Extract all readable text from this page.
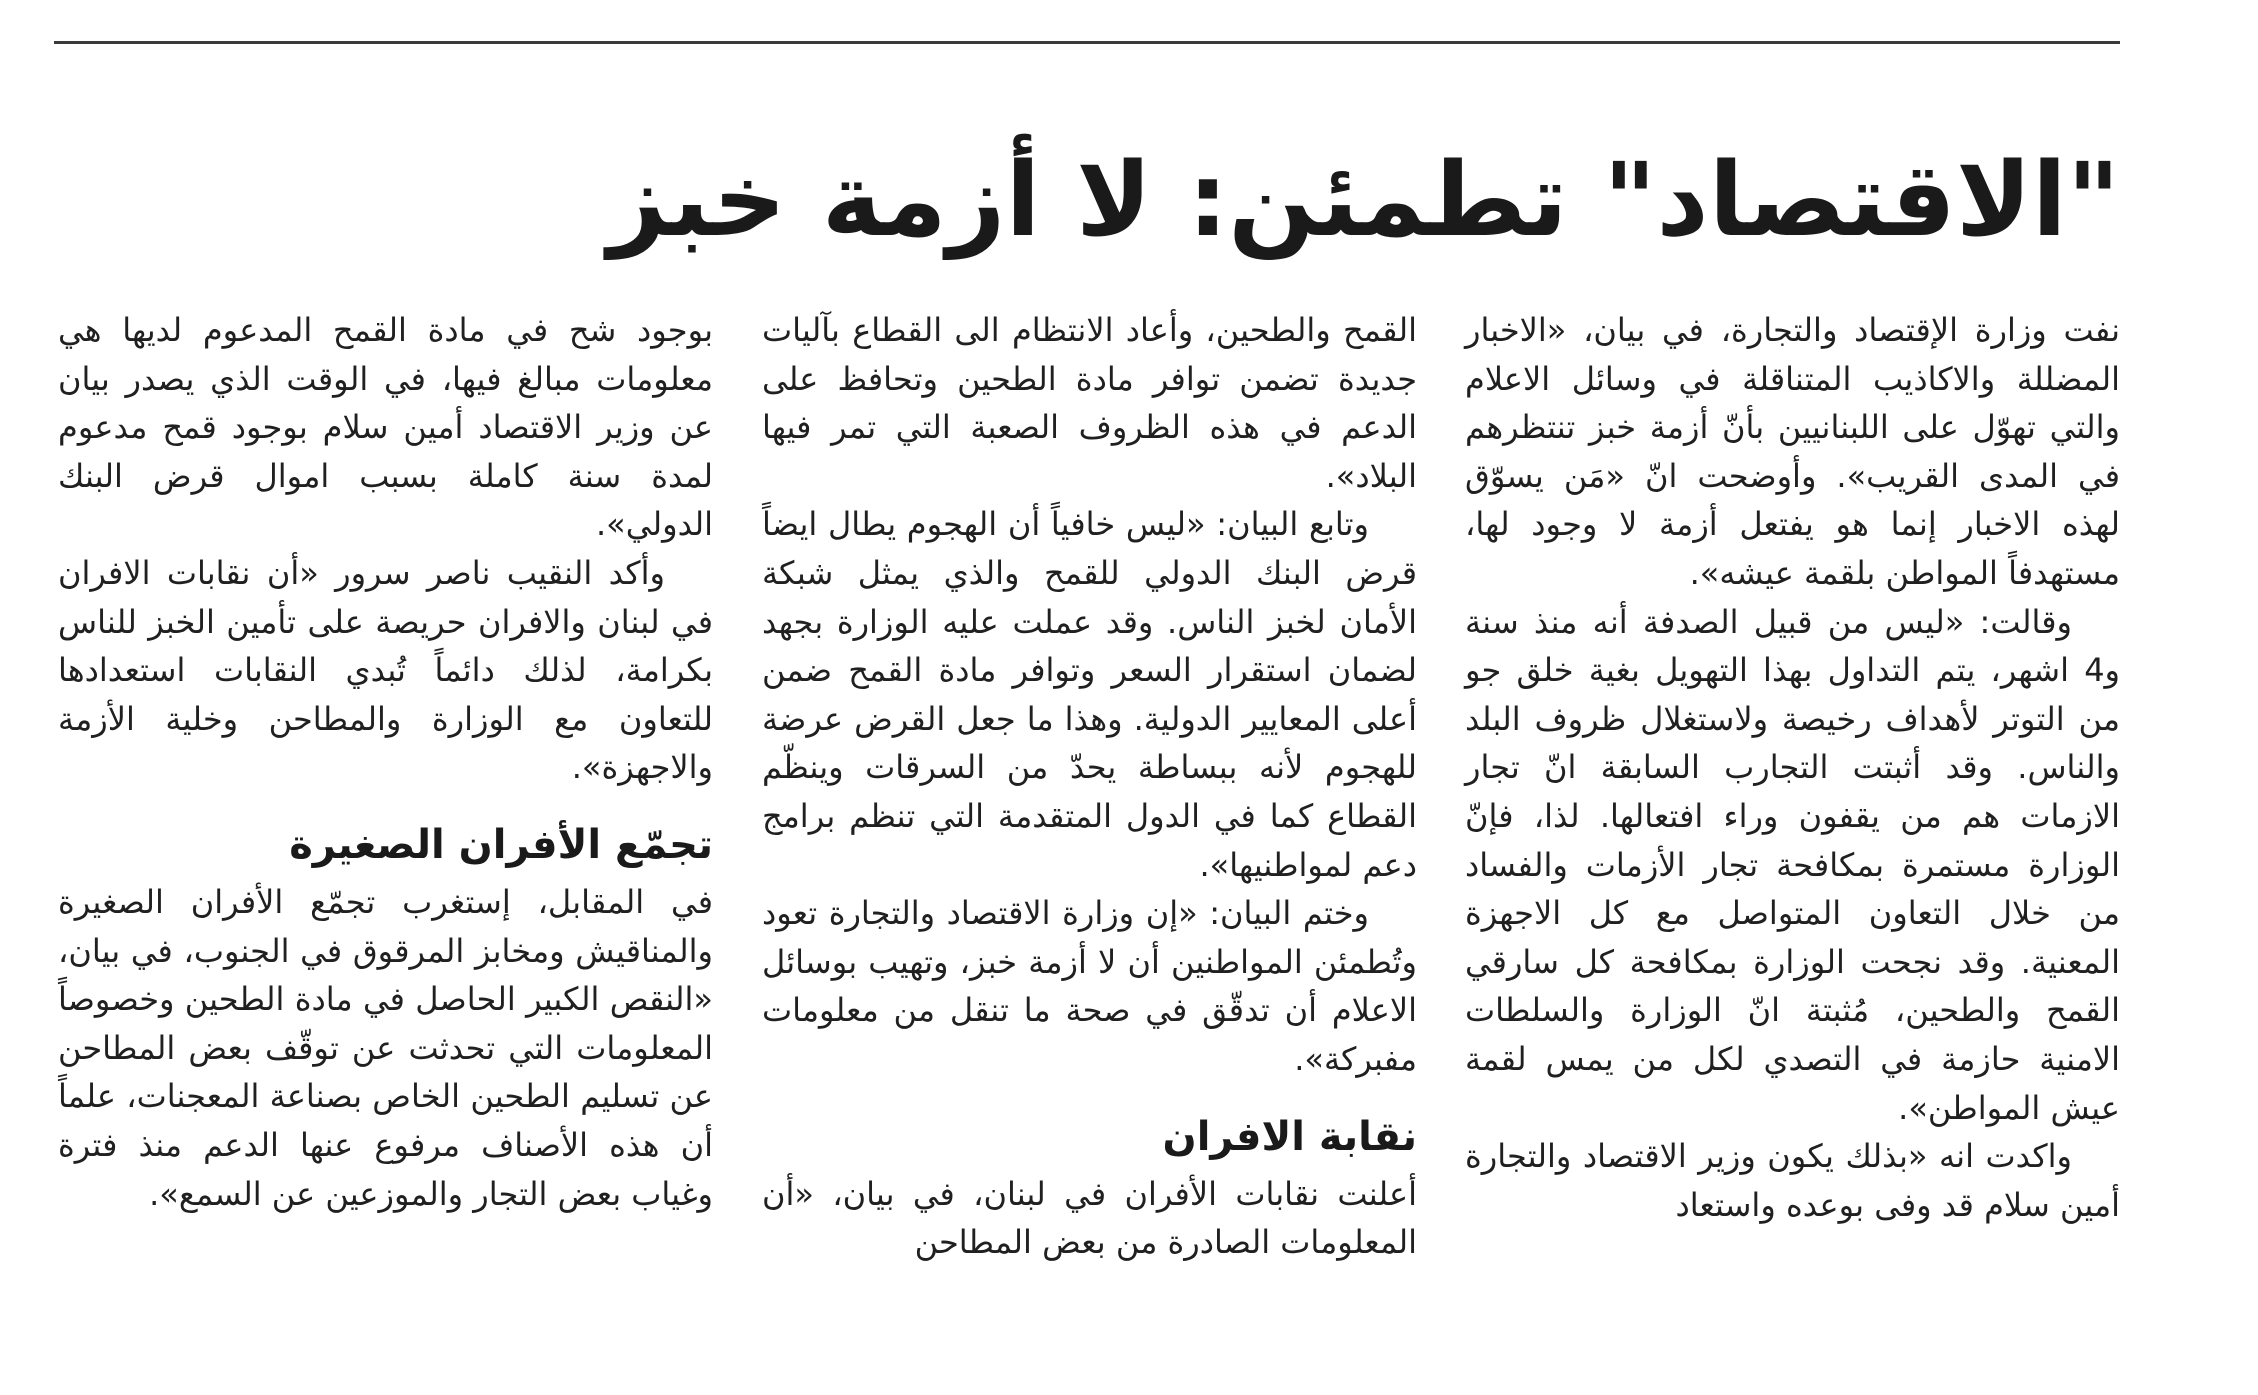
"الاقتصاد" تطمئن: لا أزمة خبز

نفت وزارة الإقتصاد والتجارة، في بيان، «الاخبار المضللة والاكاذيب المتناقلة في وسائل الاعلام والتي تهوّل على اللبنانيين بأنّ أزمة خبز تنتظرهم في المدى القريب». وأوضحت انّ «مَن يسوّق لهذه الاخبار إنما هو يفتعل أزمة لا وجود لها، مستهدفاً المواطن بلقمة عيشه».

وقالت: «ليس من قبيل الصدفة أنه منذ سنة و4 اشهر، يتم التداول بهذا التهويل بغية خلق جو من التوتر لأهداف رخيصة ولاستغلال ظروف البلد والناس. وقد أثبتت التجارب السابقة انّ تجار الازمات هم من يقفون وراء افتعالها. لذا، فإنّ الوزارة مستمرة بمكافحة تجار الأزمات والفساد من خلال التعاون المتواصل مع كل الاجهزة المعنية. وقد نجحت الوزارة بمكافحة كل سارقي القمح والطحين، مُثبتة انّ الوزارة والسلطات الامنية حازمة في التصدي لكل من يمس لقمة عيش المواطن».

واكدت انه «بذلك يكون وزير الاقتصاد والتجارة أمين سلام قد وفى بوعده واستعاد

القمح والطحين، وأعاد الانتظام الى القطاع بآليات جديدة تضمن توافر مادة الطحين وتحافظ على الدعم في هذه الظروف الصعبة التي تمر فيها البلاد».

وتابع البيان: «ليس خافياً أن الهجوم يطال ايضاً قرض البنك الدولي للقمح والذي يمثل شبكة الأمان لخبز الناس. وقد عملت عليه الوزارة بجهد لضمان استقرار السعر وتوافر مادة القمح ضمن أعلى المعايير الدولية. وهذا ما جعل القرض عرضة للهجوم لأنه ببساطة يحدّ من السرقات وينظّم القطاع كما في الدول المتقدمة التي تنظم برامج دعم لمواطنيها».

وختم البيان: «إن وزارة الاقتصاد والتجارة تعود وتُطمئن المواطنين أن لا أزمة خبز، وتهيب بوسائل الاعلام أن تدقّق في صحة ما تنقل من معلومات مفبركة».

نقابة الافران

أعلنت نقابات الأفران في لبنان، في بيان، «أن المعلومات الصادرة من بعض المطاحن

بوجود شح في مادة القمح المدعوم لديها هي معلومات مبالغ فيها، في الوقت الذي يصدر بيان عن وزير الاقتصاد أمين سلام بوجود قمح مدعوم لمدة سنة كاملة بسبب اموال قرض البنك الدولي».

وأكد النقيب ناصر سرور «أن نقابات الافران في لبنان والافران حريصة على تأمين الخبز للناس بكرامة، لذلك دائماً تُبدي النقابات استعدادها للتعاون مع الوزارة والمطاحن وخلية الأزمة والاجهزة».

تجمّع الأفران الصغيرة

في المقابل، إستغرب تجمّع الأفران الصغيرة والمناقيش ومخابز المرقوق في الجنوب، في بيان، «النقص الكبير الحاصل في مادة الطحين وخصوصاً المعلومات التي تحدثت عن توقّف بعض المطاحن عن تسليم الطحين الخاص بصناعة المعجنات، علماً أن هذه الأصناف مرفوع عنها الدعم منذ فترة وغياب بعض التجار والموزعين عن السمع».
